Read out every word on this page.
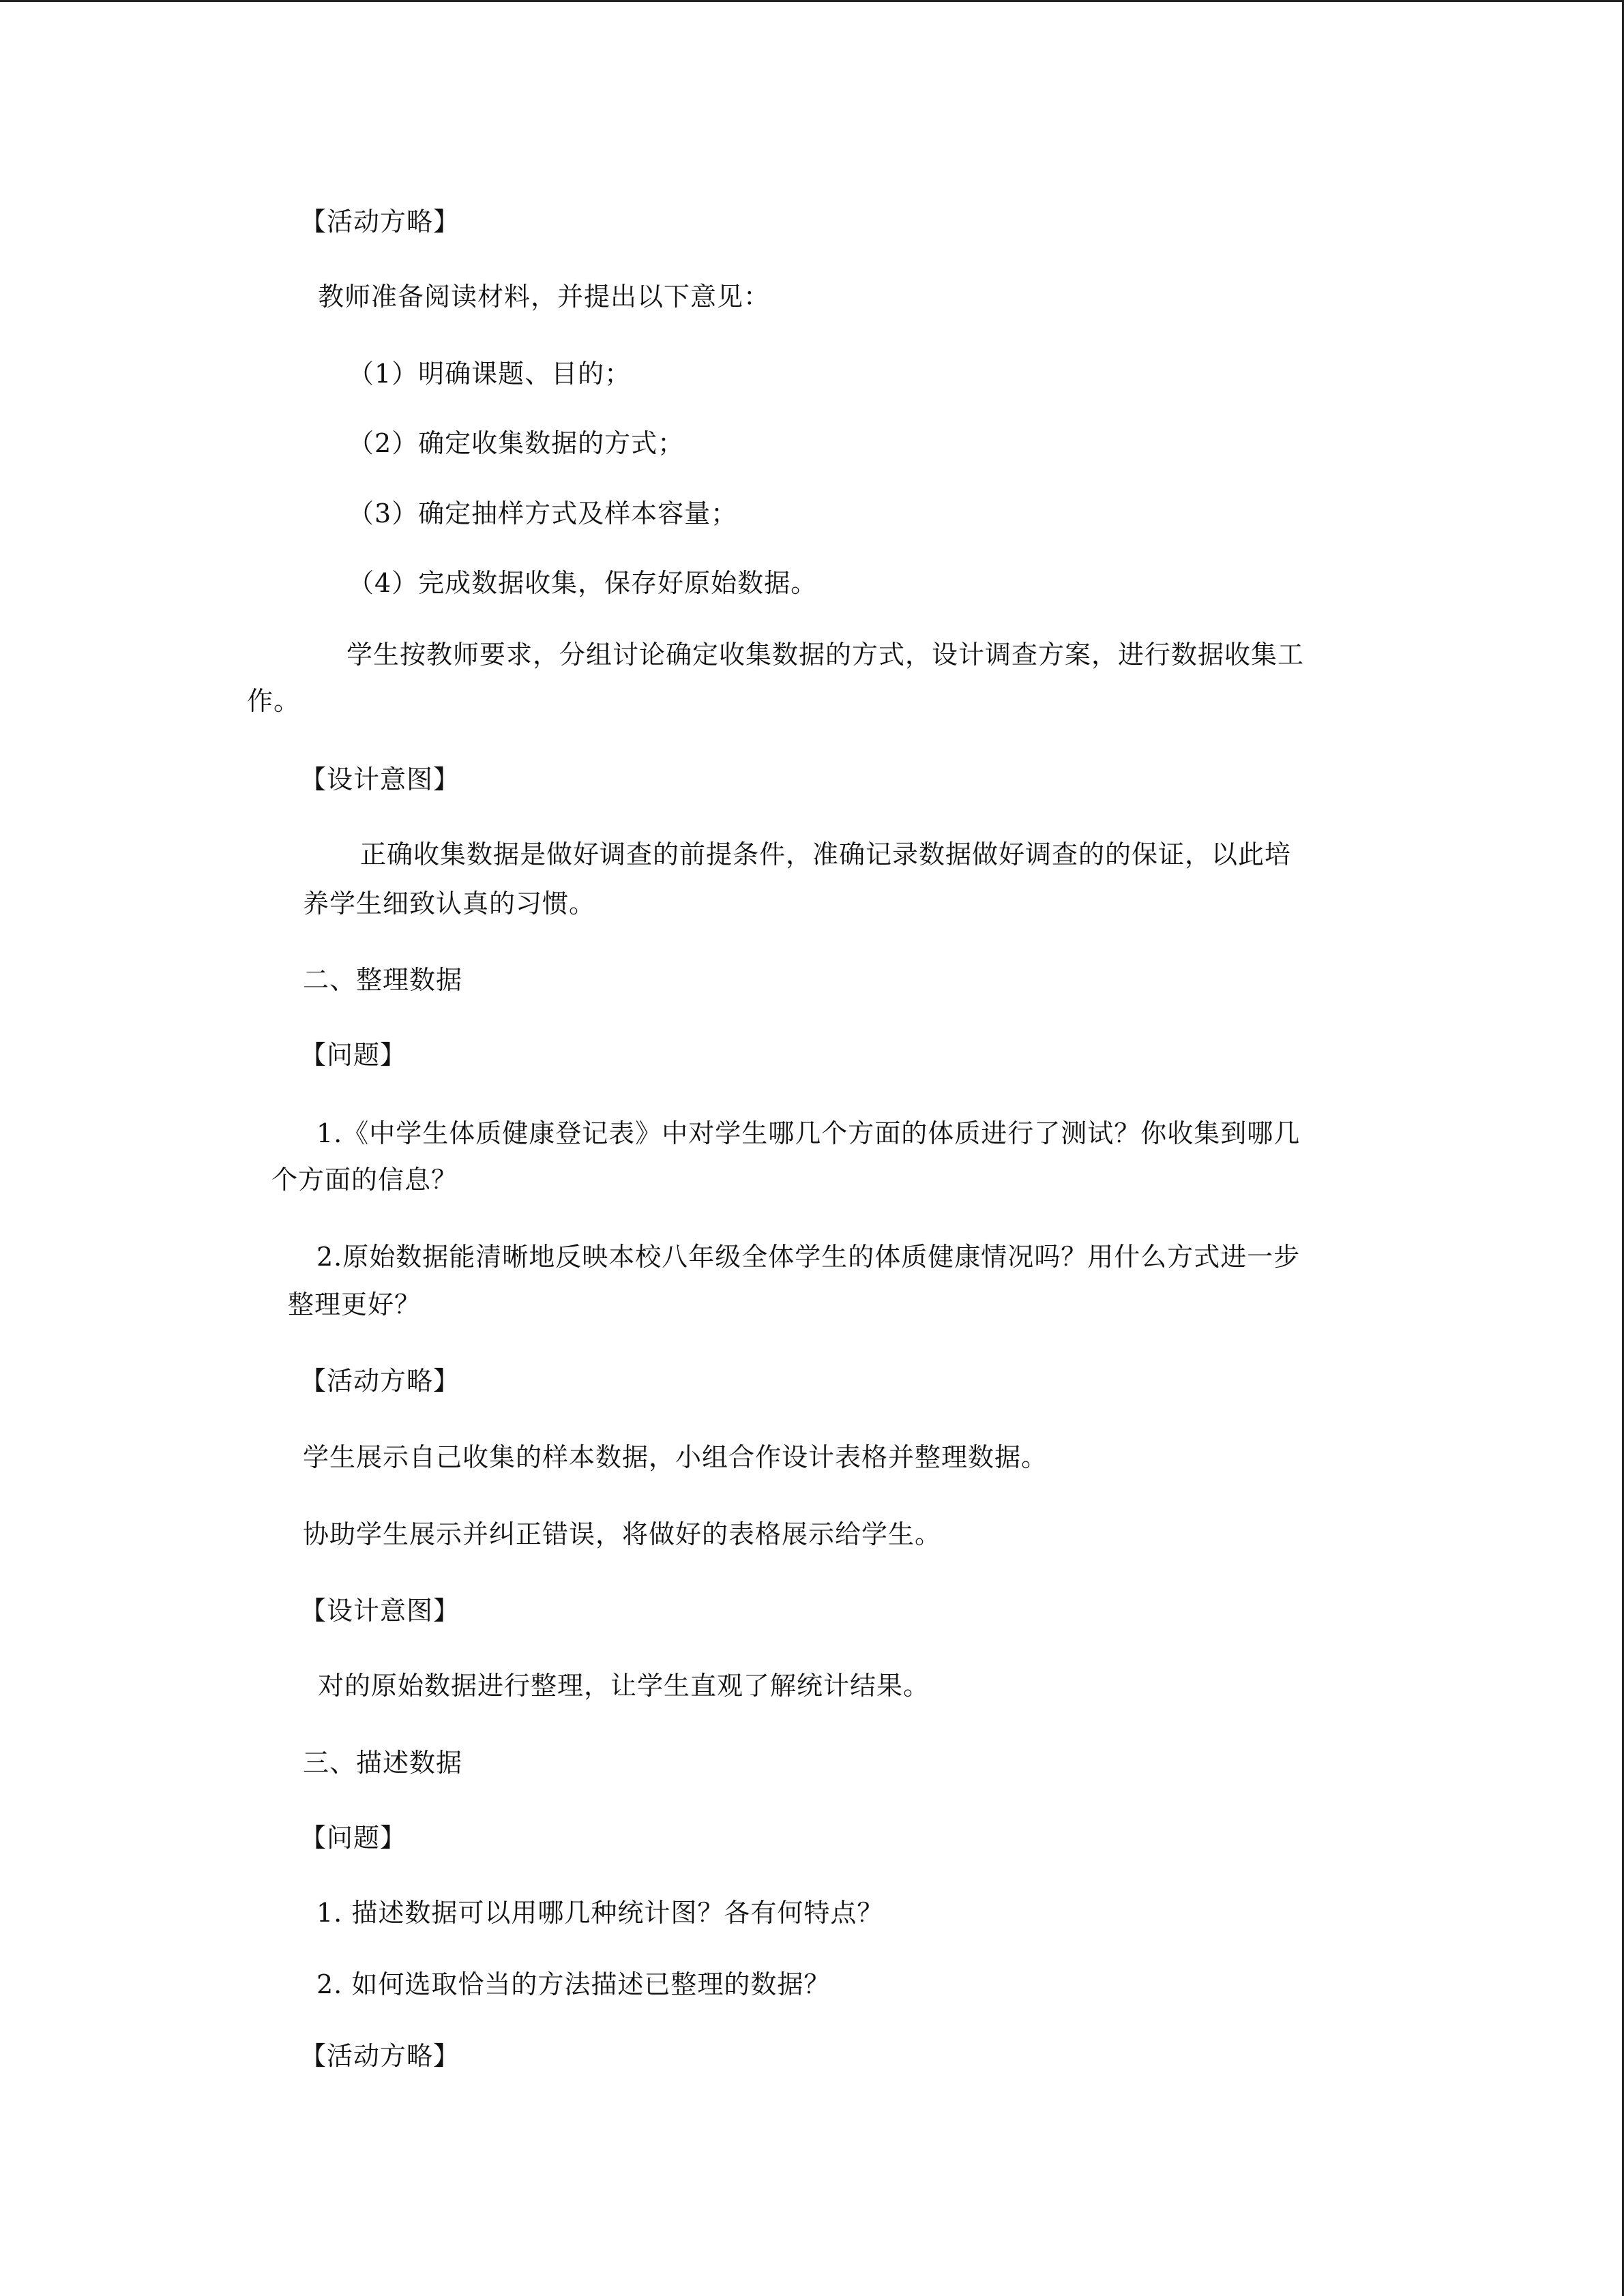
【活动方略】
教师准备阅读材料，并提出以下意见：
（1）明确课题、目的；
（2）确定收集数据的方式；
（3）确定抽样方式及样本容量；
（4）完成数据收集，保存好原始数据。
学生按教师要求，分组讨论确定收集数据的方式，设计调查方案，进行数据收集工
作。
【设计意图】
正确收集数据是做好调查的前提条件，准确记录数据做好调查的的保证，以此培
养学生细致认真的习惯。
二、整理数据
【问题】
1.《中学生体质健康登记表》中对学生哪几个方面的体质进行了测试？你收集到哪几
个方面的信息？
2.原始数据能清晰地反映本校八年级全体学生的体质健康情况吗？用什么方式进一步
整理更好？
【活动方略】
学生展示自己收集的样本数据，小组合作设计表格并整理数据。
协助学生展示并纠正错误，将做好的表格展示给学生。
【设计意图】
对的原始数据进行整理，让学生直观了解统计结果。
三、描述数据
【问题】
1. 描述数据可以用哪几种统计图？各有何特点？
2. 如何选取恰当的方法描述已整理的数据？
【活动方略】
